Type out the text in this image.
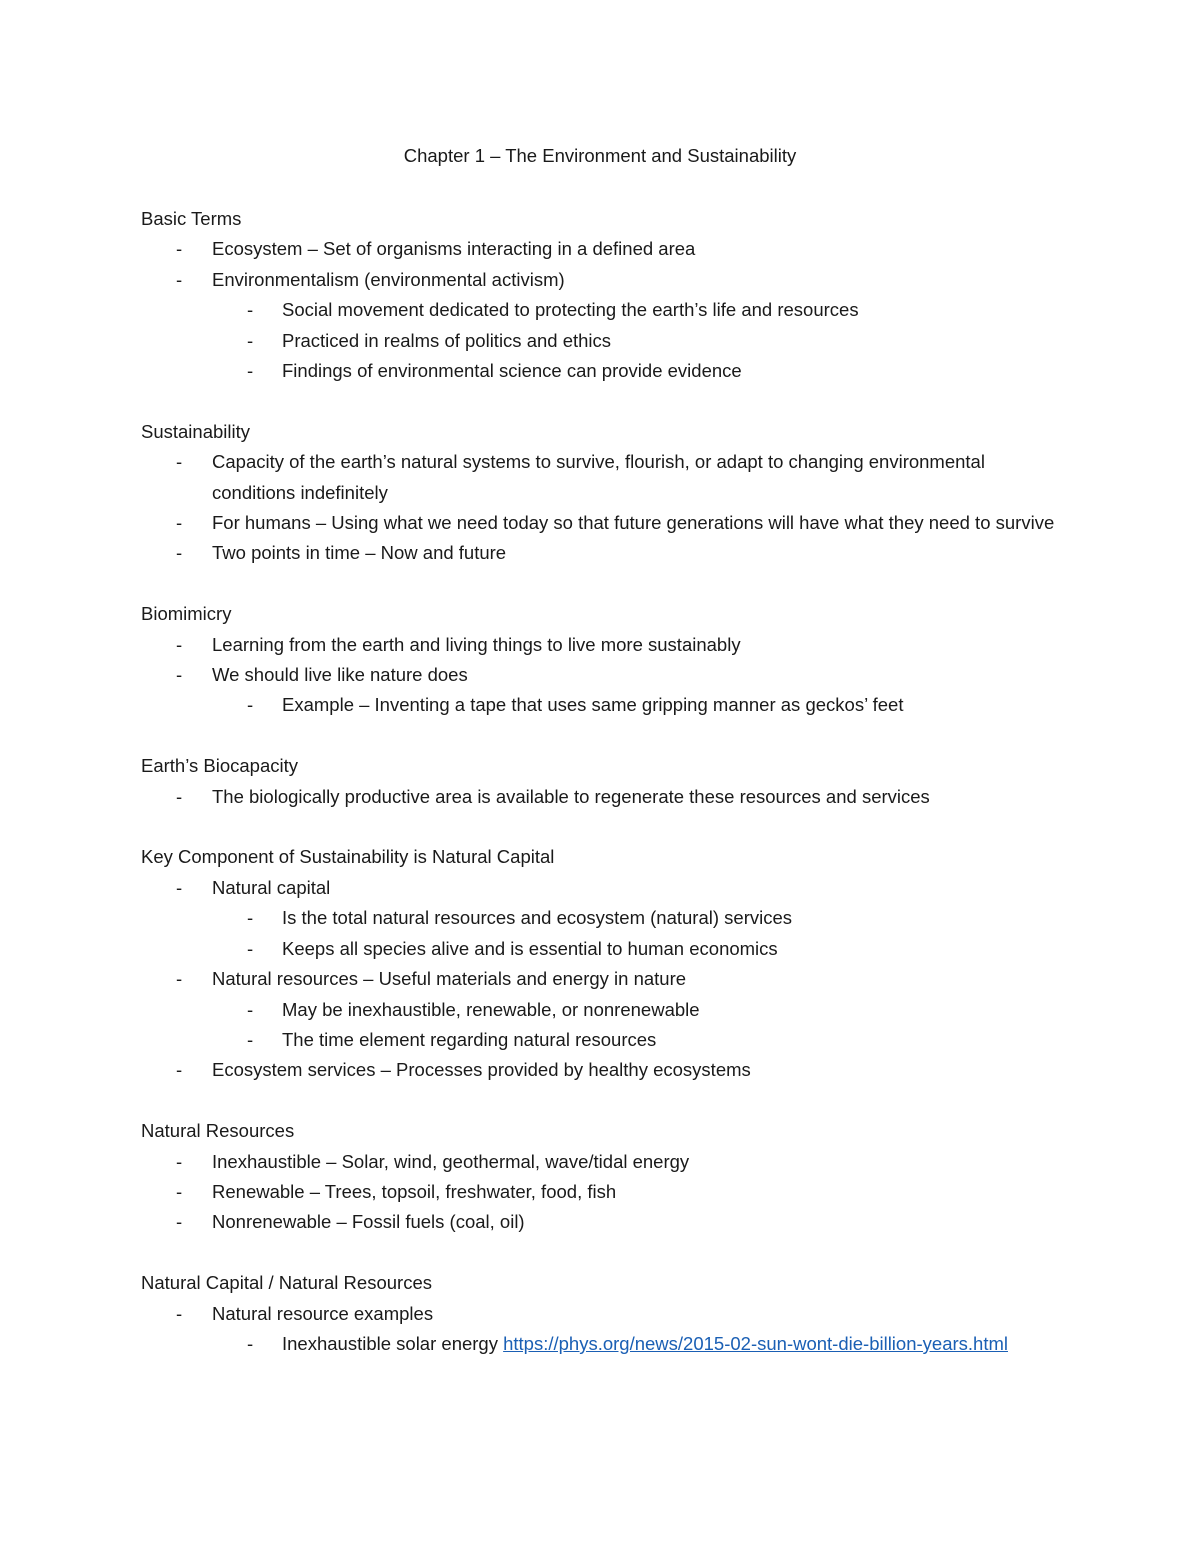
Chapter 1 – The Environment and Sustainability
Basic Terms
-	Ecosystem – Set of organisms interacting in a defined area
-	Environmentalism (environmental activism)
-	Social movement dedicated to protecting the earth’s life and resources
-	Practiced in realms of politics and ethics
-	Findings of environmental science can provide evidence
Sustainability
-	Capacity of the earth’s natural systems to survive, flourish, or adapt to changing environmental conditions indefinitely
-	For humans – Using what we need today so that future generations will have what they need to survive
-	Two points in time – Now and future
Biomimicry
-	Learning from the earth and living things to live more sustainably
-	We should live like nature does
-	Example – Inventing a tape that uses same gripping manner as geckos’ feet
Earth’s Biocapacity
-	The biologically productive area is available to regenerate these resources and services
Key Component of Sustainability is Natural Capital
-	Natural capital
-	Is the total natural resources and ecosystem (natural) services
-	Keeps all species alive and is essential to human economics
-	Natural resources – Useful materials and energy in nature
-	May be inexhaustible, renewable, or nonrenewable
-	The time element regarding natural resources
-	Ecosystem services – Processes provided by healthy ecosystems
Natural Resources
-	Inexhaustible – Solar, wind, geothermal, wave/tidal energy
-	Renewable – Trees, topsoil, freshwater, food, fish
-	Nonrenewable – Fossil fuels (coal, oil)
Natural Capital / Natural Resources
-	Natural resource examples
-	Inexhaustible solar energy https://phys.org/news/2015-02-sun-wont-die-billion-years.html
